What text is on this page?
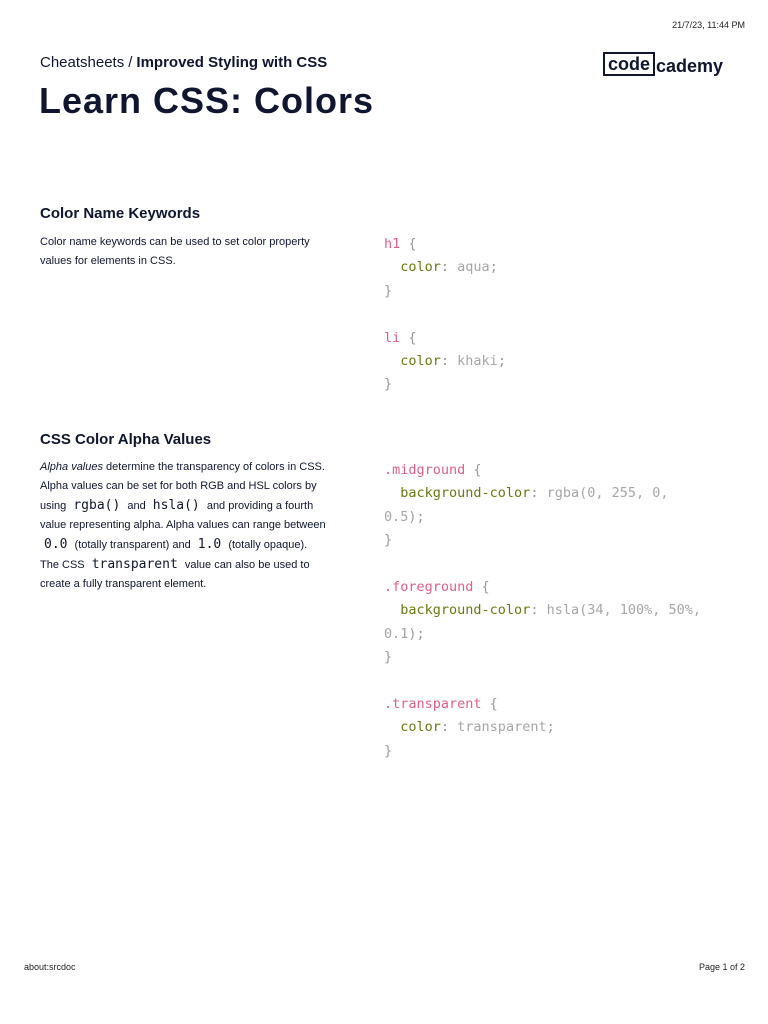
21/7/23, 11:44 PM
Cheatsheets / Improved Styling with CSS	code cademy
Learn CSS: Colors
Color Name Keywords
Color name keywords can be used to set color property values for elements in CSS.
h1 {
color: aqua;
}

li {
color: khaki;
}
CSS Color Alpha Values
Alpha values determine the transparency of colors in CSS. Alpha values can be set for both RGB and HSL colors by using rgba() and hsla() and providing a fourth value representing alpha. Alpha values can range between 0.0 (totally transparent) and 1.0 (totally opaque).
The CSS transparent value can also be used to create a fully transparent element.
.midground {
background-color: rgba(0, 255, 0,
0.5);
}

.foreground {
background-color: hsla(34, 100%, 50%,
0.1);
}

.transparent {
color: transparent;
}
about:srcdoc	Page 1 of 2
